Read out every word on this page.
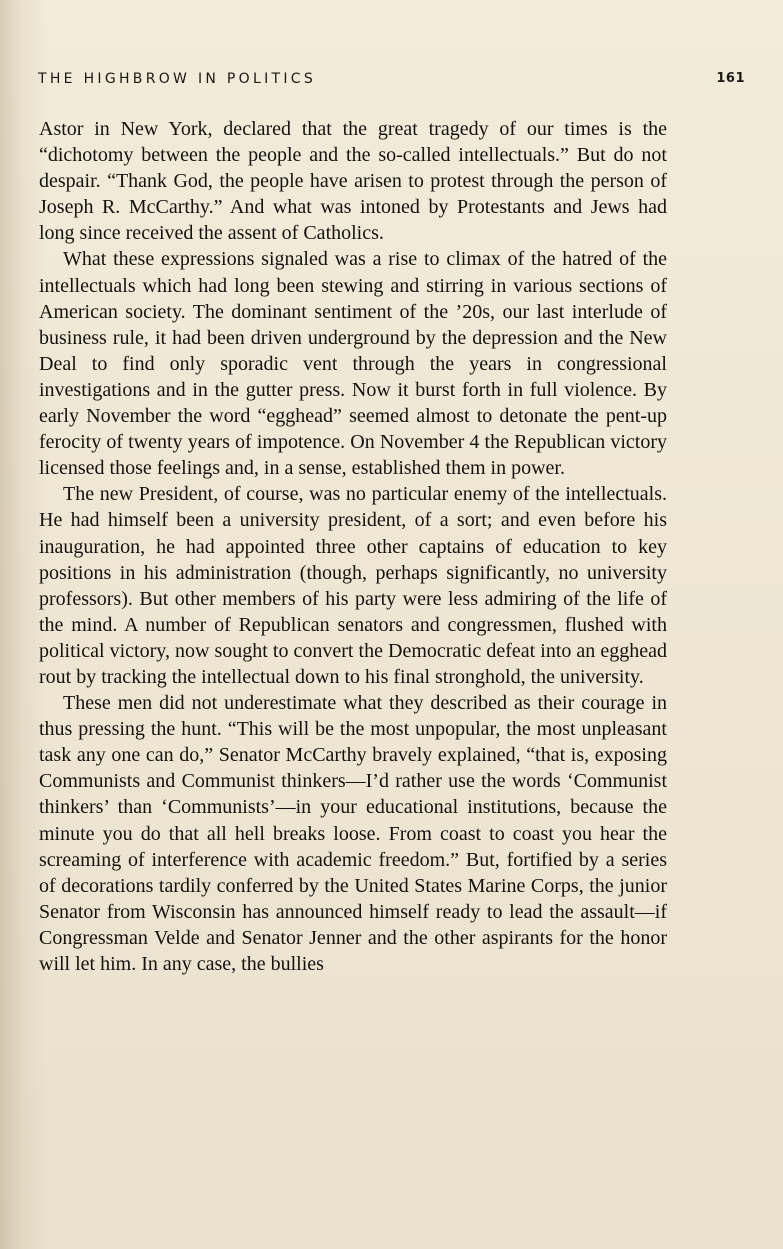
THE HIGHBROW IN POLITICS	161

Astor in New York, declared that the great tragedy of our times is the “dichotomy between the people and the so-called intellectuals.” But do not despair. “Thank God, the people have arisen to protest through the person of Joseph R. McCarthy.” And what was intoned by Protestants and Jews had long since received the assent of Catholics.

What these expressions signaled was a rise to climax of the hatred of the intellectuals which had long been stewing and stirring in various sections of American society. The dominant sentiment of the ’20s, our last interlude of business rule, it had been driven underground by the depression and the New Deal to find only sporadic vent through the years in congressional investigations and in the gutter press. Now it burst forth in full violence. By early November the word “egghead” seemed almost to detonate the pent-up ferocity of twenty years of impotence. On November 4 the Republican victory licensed those feelings and, in a sense, established them in power.

The new President, of course, was no particular enemy of the intellectuals. He had himself been a university president, of a sort; and even before his inauguration, he had appointed three other captains of education to key positions in his administration (though, perhaps significantly, no university professors). But other members of his party were less admiring of the life of the mind. A number of Republican senators and congressmen, flushed with political victory, now sought to convert the Democratic defeat into an egghead rout by tracking the intellectual down to his final stronghold, the university.

These men did not underestimate what they described as their courage in thus pressing the hunt. “This will be the most unpopular, the most unpleasant task any one can do,” Senator McCarthy bravely explained, “that is, exposing Communists and Communist thinkers—I’d rather use the words ‘Communist thinkers’ than ‘Communists’—in your educational institutions, because the minute you do that all hell breaks loose. From coast to coast you hear the screaming of interference with academic freedom.” But, fortified by a series of decorations tardily conferred by the United States Marine Corps, the junior Senator from Wisconsin has announced himself ready to lead the assault—if Congressman Velde and Senator Jenner and the other aspirants for the honor will let him. In any case, the bullies
